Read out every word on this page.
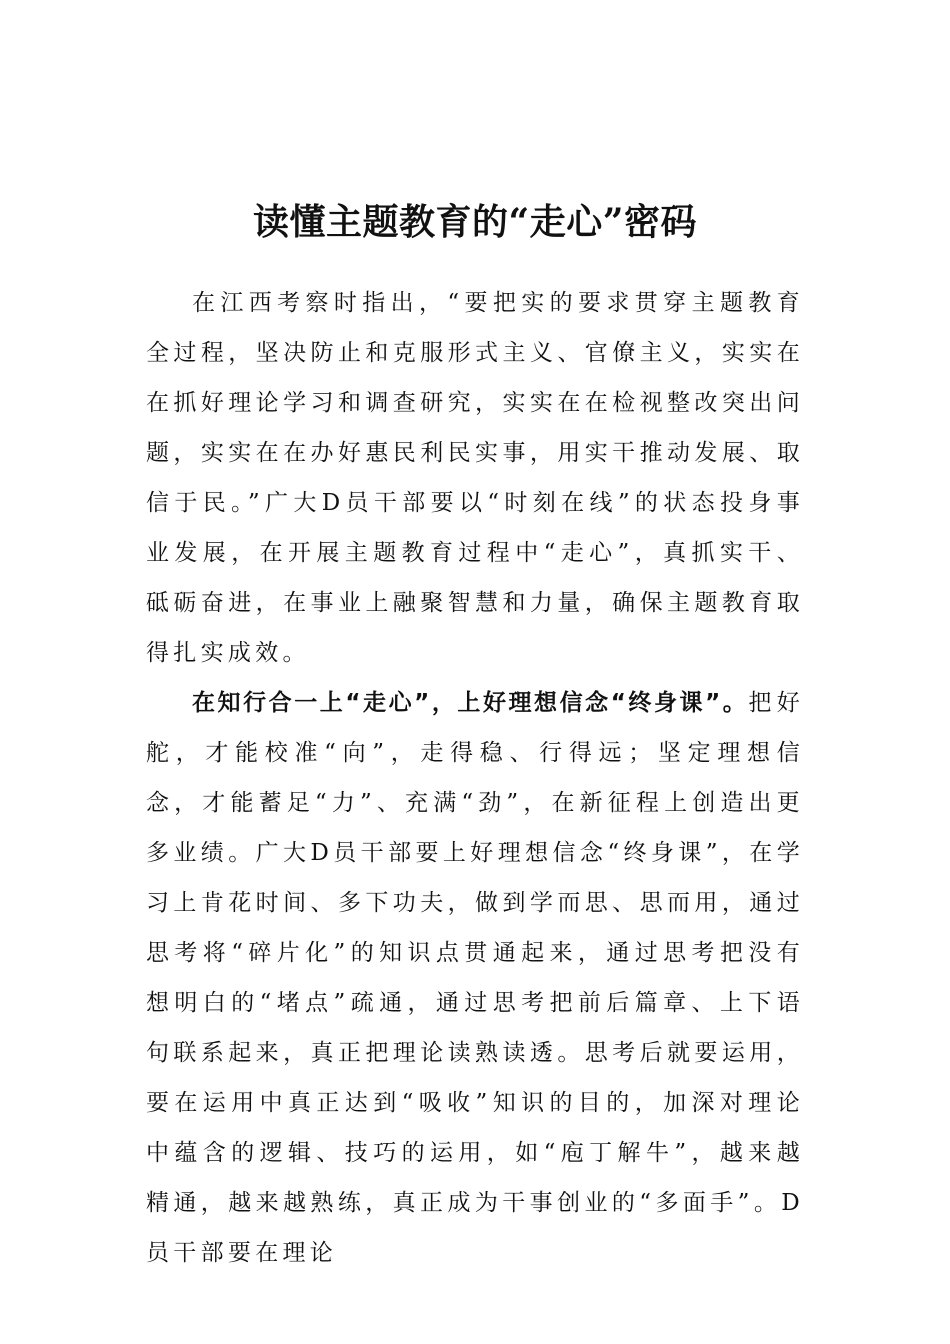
读懂主题教育的“走心”密码

在江西考察时指出，“要把实的要求贯穿主题教育全过程，坚决防止和克服形式主义、官僚主义，实实在在抓好理论学习和调查研究，实实在在检视整改突出问题，实实在在办好惠民利民实事，用实干推动发展、取信于民。”广大D员干部要以“时刻在线”的状态投身事业发展，在开展主题教育过程中“走心”，真抓实干、砥砺奋进，在事业上融聚智慧和力量，确保主题教育取得扎实成效。

在知行合一上“走心”，上好理想信念“终身课”。把好舵，才能校准“向”，走得稳、行得远；坚定理想信念，才能蓄足“力”、充满“劲”，在新征程上创造出更多业绩。广大D员干部要上好理想信念“终身课”，在学习上肯花时间、多下功夫，做到学而思、思而用，通过思考将“碎片化”的知识点贯通起来，通过思考把没有想明白的“堵点”疏通，通过思考把前后篇章、上下语句联系起来，真正把理论读熟读透。思考后就要运用，要在运用中真正达到“吸收”知识的目的，加深对理论中蕴含的逻辑、技巧的运用，如“庖丁解牛”，越来越精通，越来越熟练，真正成为干事创业的“多面手”。D员干部要在理论
